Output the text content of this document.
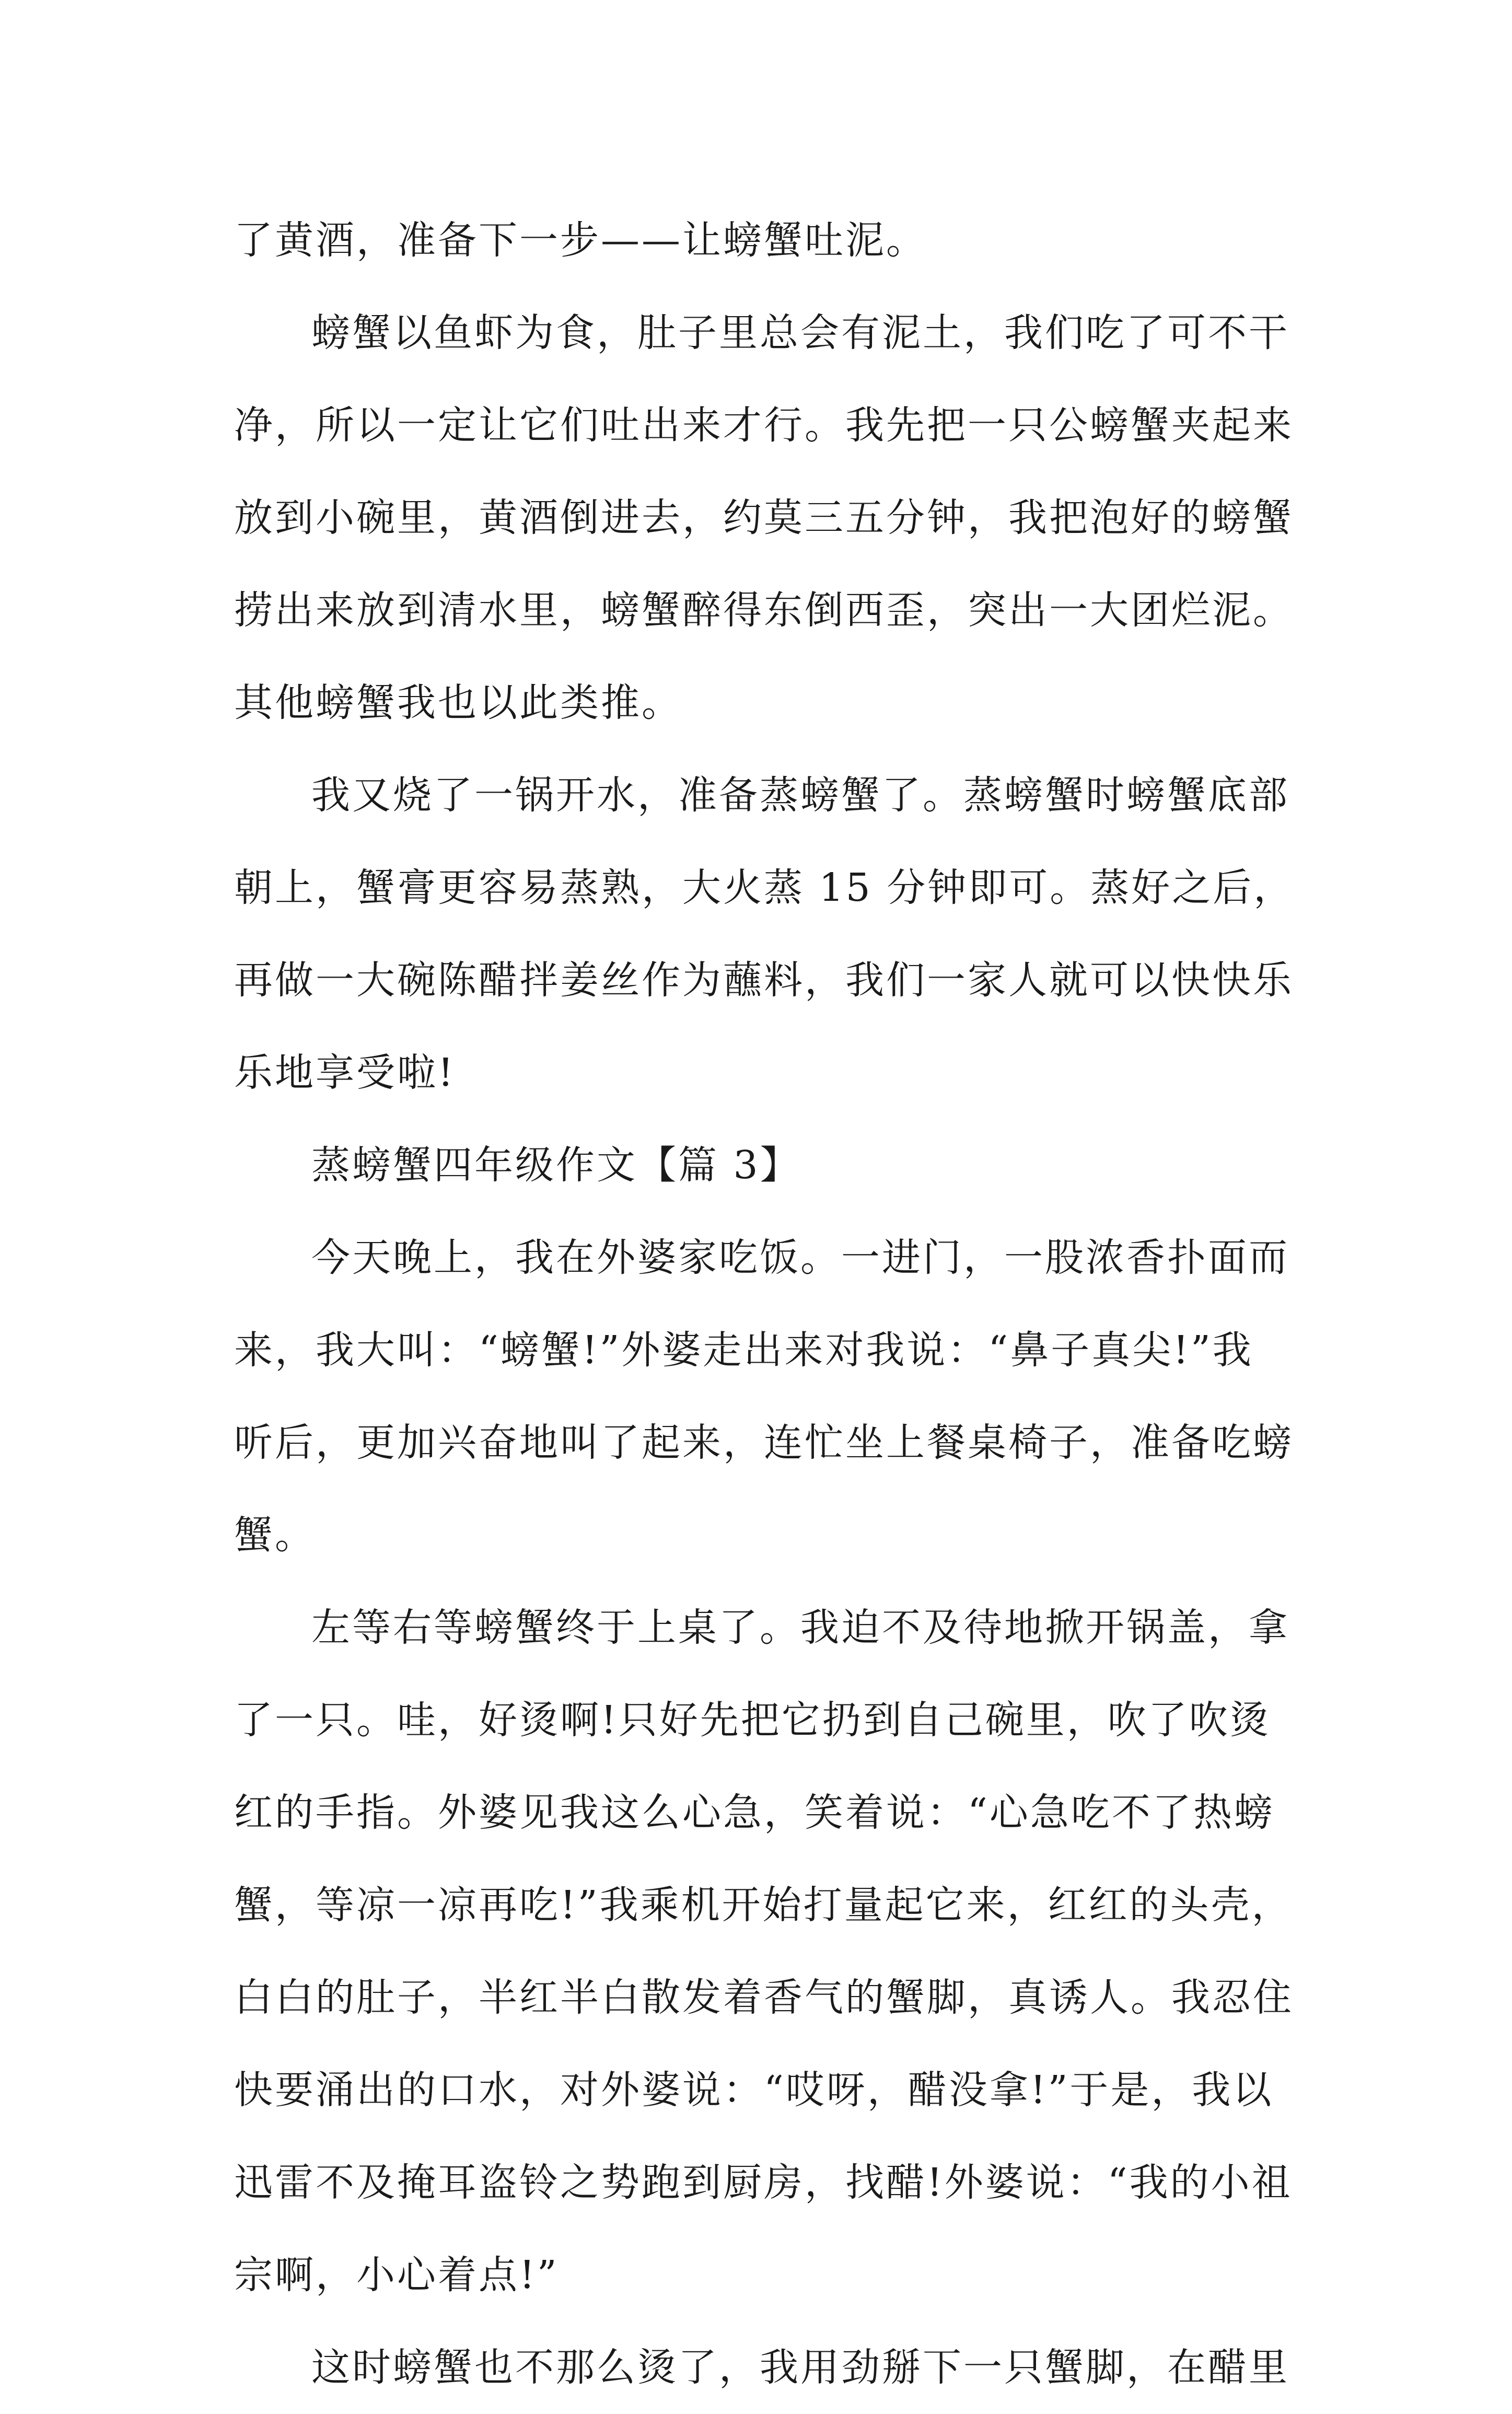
了黄酒，准备下一步——让螃蟹吐泥。
螃蟹以鱼虾为食，肚子里总会有泥土，我们吃了可不干
净，所以一定让它们吐出来才行。我先把一只公螃蟹夹起来
放到小碗里，黄酒倒进去，约莫三五分钟，我把泡好的螃蟹
捞出来放到清水里，螃蟹醉得东倒西歪，突出一大团烂泥。
其他螃蟹我也以此类推。
我又烧了一锅开水，准备蒸螃蟹了。蒸螃蟹时螃蟹底部
朝上，蟹膏更容易蒸熟，大火蒸 15 分钟即可。蒸好之后，
再做一大碗陈醋拌姜丝作为蘸料，我们一家人就可以快快乐
乐地享受啦!
蒸螃蟹四年级作文【篇 3】
今天晚上，我在外婆家吃饭。一进门，一股浓香扑面而
来，我大叫：“螃蟹!”外婆走出来对我说：“鼻子真尖!”我
听后，更加兴奋地叫了起来，连忙坐上餐桌椅子，准备吃螃
蟹。
左等右等螃蟹终于上桌了。我迫不及待地掀开锅盖，拿
了一只。哇，好烫啊!只好先把它扔到自己碗里，吹了吹烫
红的手指。外婆见我这么心急，笑着说：“心急吃不了热螃
蟹，等凉一凉再吃!”我乘机开始打量起它来，红红的头壳，
白白的肚子，半红半白散发着香气的蟹脚，真诱人。我忍住
快要涌出的口水，对外婆说：“哎呀，醋没拿!”于是，我以
迅雷不及掩耳盗铃之势跑到厨房，找醋!外婆说：“我的小祖
宗啊，小心着点!”
这时螃蟹也不那么烫了，我用劲掰下一只蟹脚，在醋里
